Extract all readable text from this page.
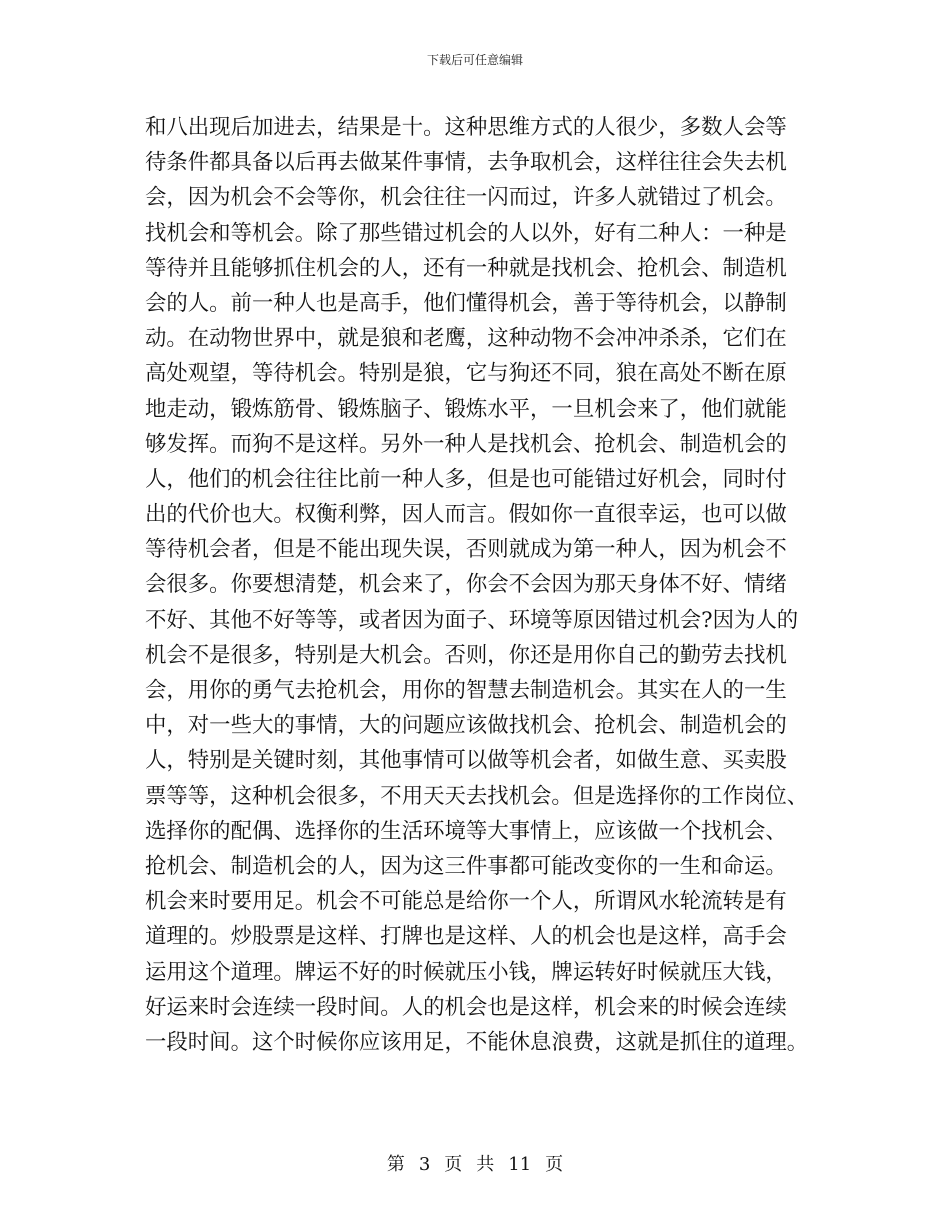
下载后可任意编辑
和八出现后加进去，结果是十。这种思维方式的人很少，多数人会等
待条件都具备以后再去做某件事情，去争取机会，这样往往会失去机
会，因为机会不会等你，机会往往一闪而过，许多人就错过了机会。
找机会和等机会。除了那些错过机会的人以外，好有二种人：一种是
等待并且能够抓住机会的人，还有一种就是找机会、抢机会、制造机
会的人。前一种人也是高手，他们懂得机会，善于等待机会，以静制
动。在动物世界中，就是狼和老鹰，这种动物不会冲冲杀杀，它们在
高处观望，等待机会。特别是狼，它与狗还不同，狼在高处不断在原
地走动，锻炼筋骨、锻炼脑子、锻炼水平，一旦机会来了，他们就能
够发挥。而狗不是这样。另外一种人是找机会、抢机会、制造机会的
人，他们的机会往往比前一种人多，但是也可能错过好机会，同时付
出的代价也大。权衡利弊，因人而言。假如你一直很幸运，也可以做
等待机会者，但是不能出现失误，否则就成为第一种人，因为机会不
会很多。你要想清楚，机会来了，你会不会因为那天身体不好、情绪
不好、其他不好等等，或者因为面子、环境等原因错过机会?因为人的
机会不是很多，特别是大机会。否则，你还是用你自己的勤劳去找机
会，用你的勇气去抢机会，用你的智慧去制造机会。其实在人的一生
中，对一些大的事情，大的问题应该做找机会、抢机会、制造机会的
人，特别是关键时刻，其他事情可以做等机会者，如做生意、买卖股
票等等，这种机会很多，不用天天去找机会。但是选择你的工作岗位、
选择你的配偶、选择你的生活环境等大事情上，应该做一个找机会、
抢机会、制造机会的人，因为这三件事都可能改变你的一生和命运。
机会来时要用足。机会不可能总是给你一个人，所谓风水轮流转是有
道理的。炒股票是这样、打牌也是这样、人的机会也是这样，高手会
运用这个道理。牌运不好的时候就压小钱，牌运转好时候就压大钱，
好运来时会连续一段时间。人的机会也是这样，机会来的时候会连续
一段时间。这个时候你应该用足，不能休息浪费，这就是抓住的道理。
第 3 页 共 11 页
